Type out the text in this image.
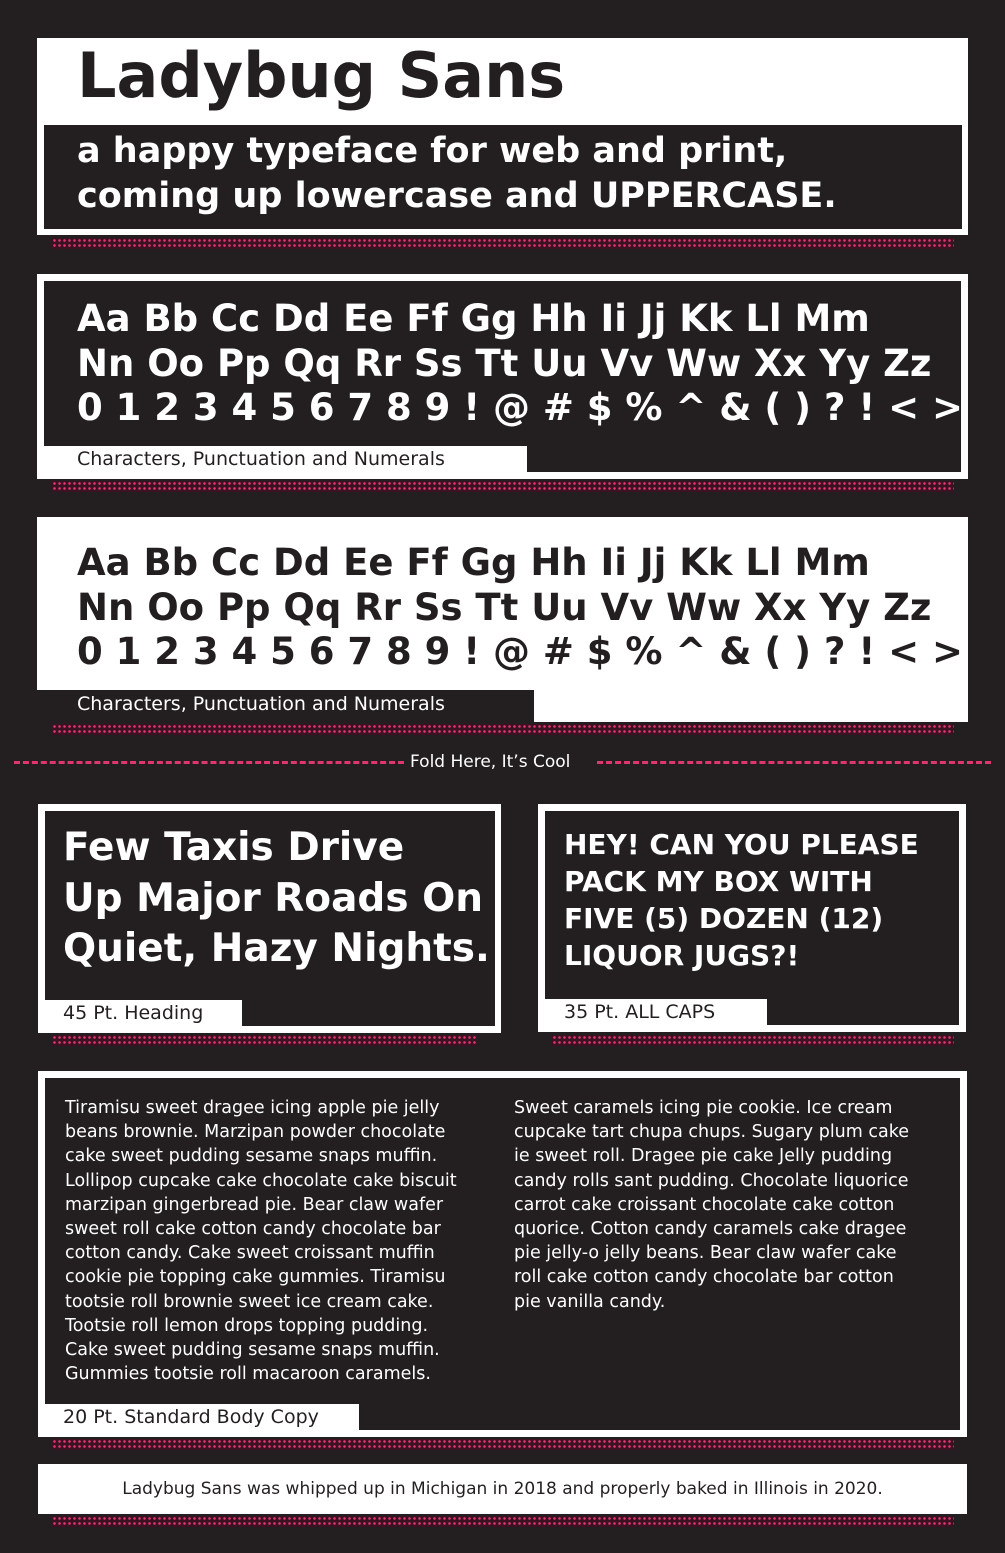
Ladybug Sans
a happy typeface for web and print,
coming up lowercase and UPPERCASE.
Aa Bb Cc Dd Ee Ff Gg Hh Ii Jj Kk Ll Mm
Nn Oo Pp Qq Rr Ss Tt Uu Vv Ww Xx Yy Zz
0 1 2 3 4 5 6 7 8 9 ! @ # $ % ^ & ( ) ? ! < >
Characters, Punctuation and Numerals
Aa Bb Cc Dd Ee Ff Gg Hh Ii Jj Kk Ll Mm
Nn Oo Pp Qq Rr Ss Tt Uu Vv Ww Xx Yy Zz
0 1 2 3 4 5 6 7 8 9 ! @ # $ % ^ & ( ) ? ! < >
Characters, Punctuation and Numerals
Fold Here, It’s Cool
Few Taxis Drive
Up Major Roads On
Quiet, Hazy Nights.
45 Pt. Heading
HEY! CAN YOU PLEASE
PACK MY BOX WITH
FIVE (5) DOZEN (12)
LIQUOR JUGS?!
35 Pt. ALL CAPS
Tiramisu sweet dragee icing apple pie jelly
beans brownie. Marzipan powder chocolate
cake sweet pudding sesame snaps muffin.
Lollipop cupcake cake chocolate cake biscuit
marzipan gingerbread pie. Bear claw wafer
sweet roll cake cotton candy chocolate bar
cotton candy. Cake sweet croissant muffin
cookie pie topping cake gummies. Tiramisu
tootsie roll brownie sweet ice cream cake.
Tootsie roll lemon drops topping pudding.
Cake sweet pudding sesame snaps muffin.
Gummies tootsie roll macaroon caramels.
Sweet caramels icing pie cookie. Ice cream
cupcake tart chupa chups. Sugary plum cake
ie sweet roll. Dragee pie cake Jelly pudding
candy rolls sant pudding. Chocolate liquorice
carrot cake croissant chocolate cake cotton
quorice. Cotton candy caramels cake dragee
pie jelly-o jelly beans. Bear claw wafer cake
roll cake cotton candy chocolate bar cotton
pie vanilla candy.
20 Pt. Standard Body Copy
Ladybug Sans was whipped up in Michigan in 2018 and properly baked in Illinois in 2020.
